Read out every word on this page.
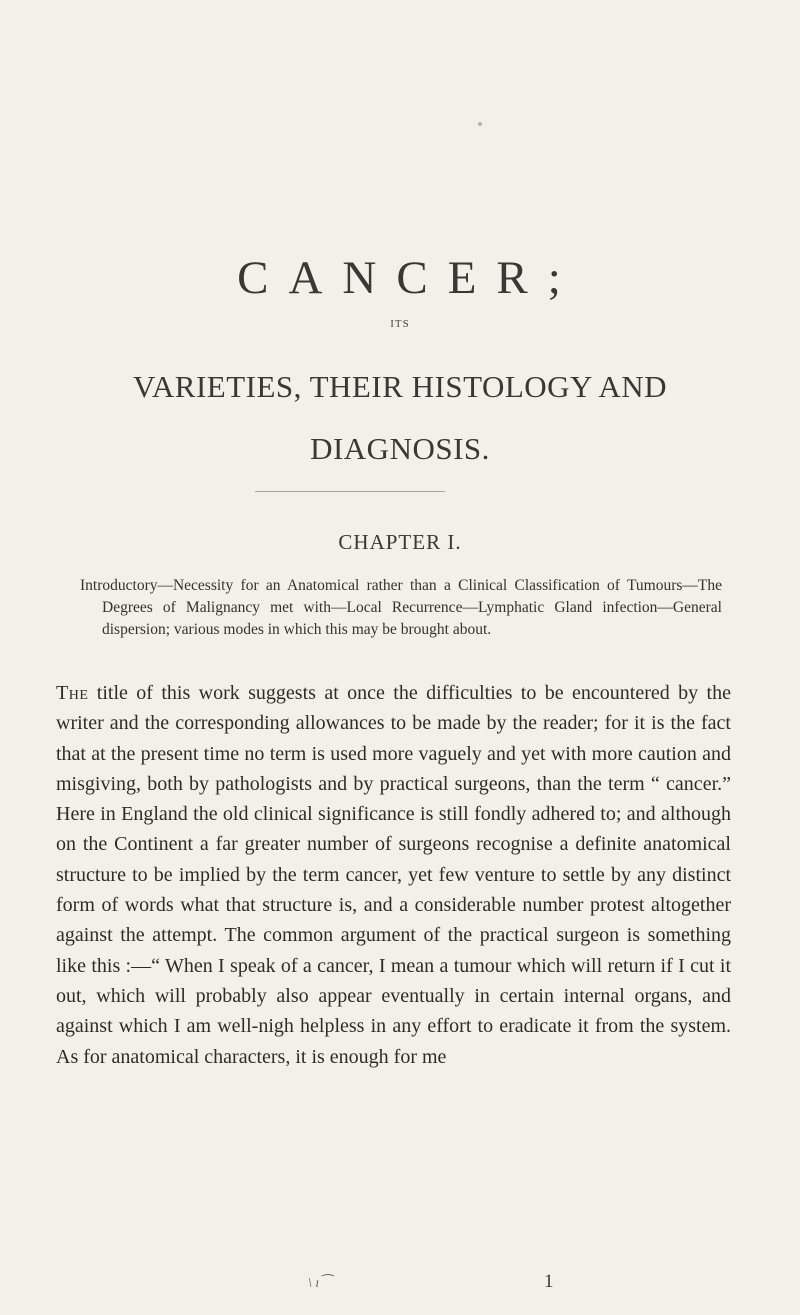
CANCER;
ITS
VARIETIES, THEIR HISTOLOGY AND
DIAGNOSIS.
CHAPTER I.

Introductory—Necessity for an Anatomical rather than a Clinical Classification of Tumours—The Degrees of Malignancy met with—Local Recurrence—Lymphatic Gland infection—General dispersion; various modes in which this may be brought about.

The title of this work suggests at once the difficulties to be encountered by the writer and the corresponding allowances to be made by the reader; for it is the fact that at the present time no term is used more vaguely and yet with more caution and misgiving, both by pathologists and by practical surgeons, than the term “ cancer.” Here in England the old clinical significance is still fondly adhered to; and although on the Continent a far greater number of surgeons recognise a definite anatomical structure to be implied by the term cancer, yet few venture to settle by any distinct form of words what that structure is, and a considerable number protest altogether against the attempt. The common argument of the practical surgeon is something like this :—“ When I speak of a cancer, I mean a tumour which will return if I cut it out, which will probably also appear eventually in certain internal organs, and against which I am well-nigh helpless in any effort to eradicate it from the system. As for anatomical characters, it is enough for me

\ ı⁀	1
